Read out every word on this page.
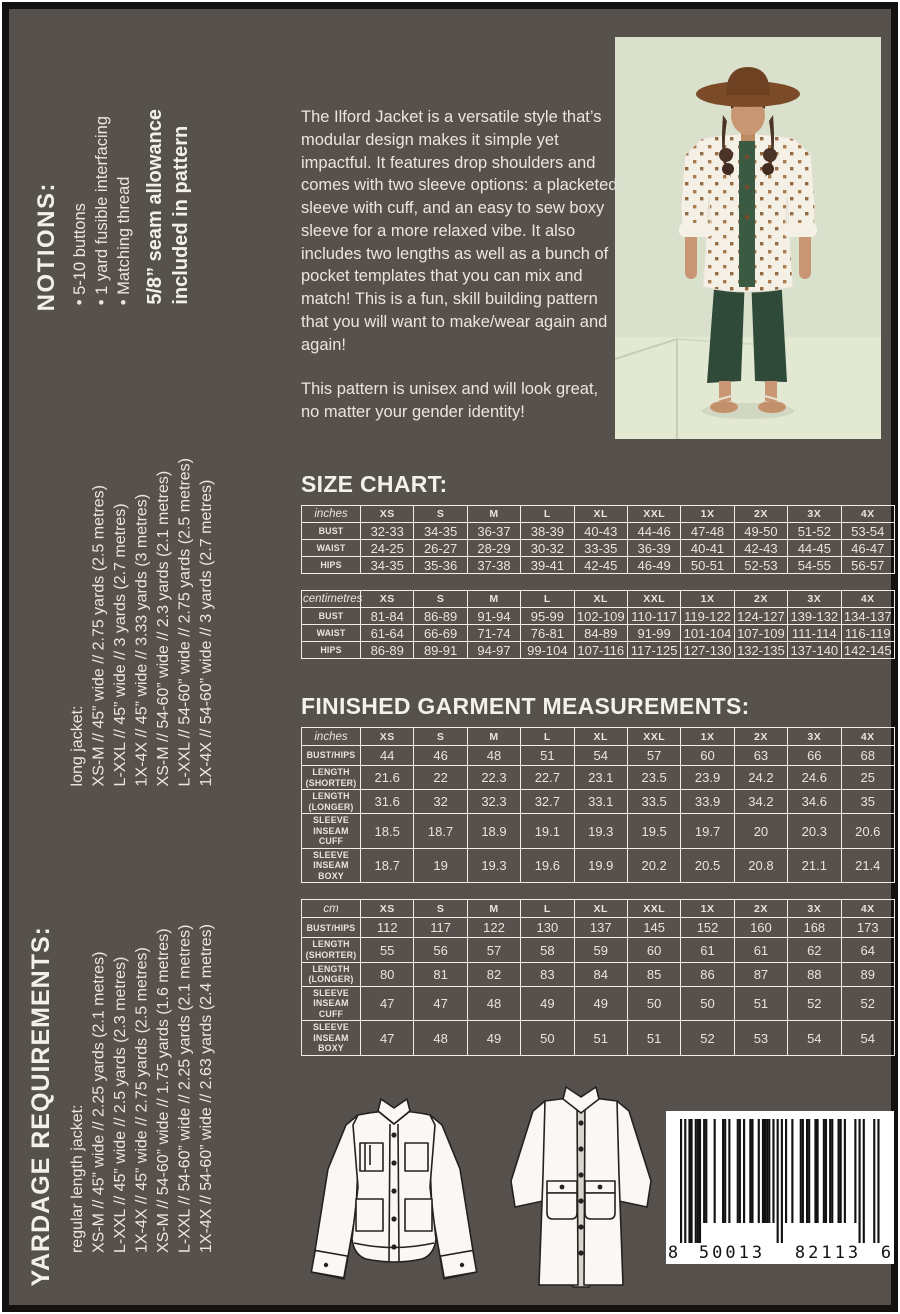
NOTIONS: • 5-10 buttons • 1 yard fusible interfacing • Matching thread 5/8” seam allowance included in pattern
long jacket: XS-M // 45” wide // 2.75 yards (2.5 metres) L-XXL // 45” wide // 3 yards (2.7 metres) 1X-4X // 45” wide // 3.33 yards (3 metres) XS-M // 54-60” wide // 2.3 yards (2.1 metres) L-XXL // 54-60” wide // 2.75 yards (2.5 metres) 1X-4X // 54-60” wide // 3 yards (2.7 metres)
YARDAGE REQUIREMENTS: regular length jacket: XS-M // 45” wide // 2.25 yards (2.1 metres) L-XXL // 45” wide // 2.5 yards (2.3 metres) 1X-4X // 45” wide // 2.75 yards (2.5 metres) XS-M // 54-60” wide // 1.75 yards (1.6 metres) L-XXL // 54-60” wide // 2.25 yards (2.1 metres) 1X-4X // 54-60” wide // 2.63 yards (2.4 metres)

The Ilford Jacket is a versatile style that’s modular design makes it simple yet impactful. It features drop shoulders and comes with two sleeve options: a placketed sleeve with cuff, and an easy to sew boxy sleeve for a more relaxed vibe. It also includes two lengths as well as a bunch of pocket templates that you can mix and match! This is a fun, skill building pattern that you will want to make/wear again and again!

This pattern is unisex and will look great, no matter your gender identity!

SIZE CHART:
inches	XS	S	M	L	XL	XXL	1X	2X	3X	4X
BUST	32-33	34-35	36-37	38-39	40-43	44-46	47-48	49-50	51-52	53-54
WAIST	24-25	26-27	28-29	30-32	33-35	36-39	40-41	42-43	44-45	46-47
HIPS	34-35	35-36	37-38	39-41	42-45	46-49	50-51	52-53	54-55	56-57
centimetres	XS	S	M	L	XL	XXL	1X	2X	3X	4X
BUST	81-84	86-89	91-94	95-99	102-109	110-117	119-122	124-127	139-132	134-137
WAIST	61-64	66-69	71-74	76-81	84-89	91-99	101-104	107-109	111-114	116-119
HIPS	86-89	89-91	94-97	99-104	107-116	117-125	127-130	132-135	137-140	142-145
FINISHED GARMENT MEASUREMENTS:
inches	XS	S	M	L	XL	XXL	1X	2X	3X	4X
BUST/HIPS	44	46	48	51	54	57	60	63	66	68
LENGTH (SHORTER)	21.6	22	22.3	22.7	23.1	23.5	23.9	24.2	24.6	25
LENGTH (LONGER)	31.6	32	32.3	32.7	33.1	33.5	33.9	34.2	34.6	35
SLEEVE INSEAM CUFF	18.5	18.7	18.9	19.1	19.3	19.5	19.7	20	20.3	20.6
SLEEVE INSEAM BOXY	18.7	19	19.3	19.6	19.9	20.2	20.5	20.8	21.1	21.4
cm	XS	S	M	L	XL	XXL	1X	2X	3X	4X
BUST/HIPS	112	117	122	130	137	145	152	160	168	173
LENGTH (SHORTER)	55	56	57	58	59	60	61	61	62	64
LENGTH (LONGER)	80	81	82	83	84	85	86	87	88	89
SLEEVE INSEAM CUFF	47	47	48	49	49	50	50	51	52	52
SLEEVE INSEAM BOXY	47	48	49	50	51	51	52	53	54	54
8 50013 82113 6
